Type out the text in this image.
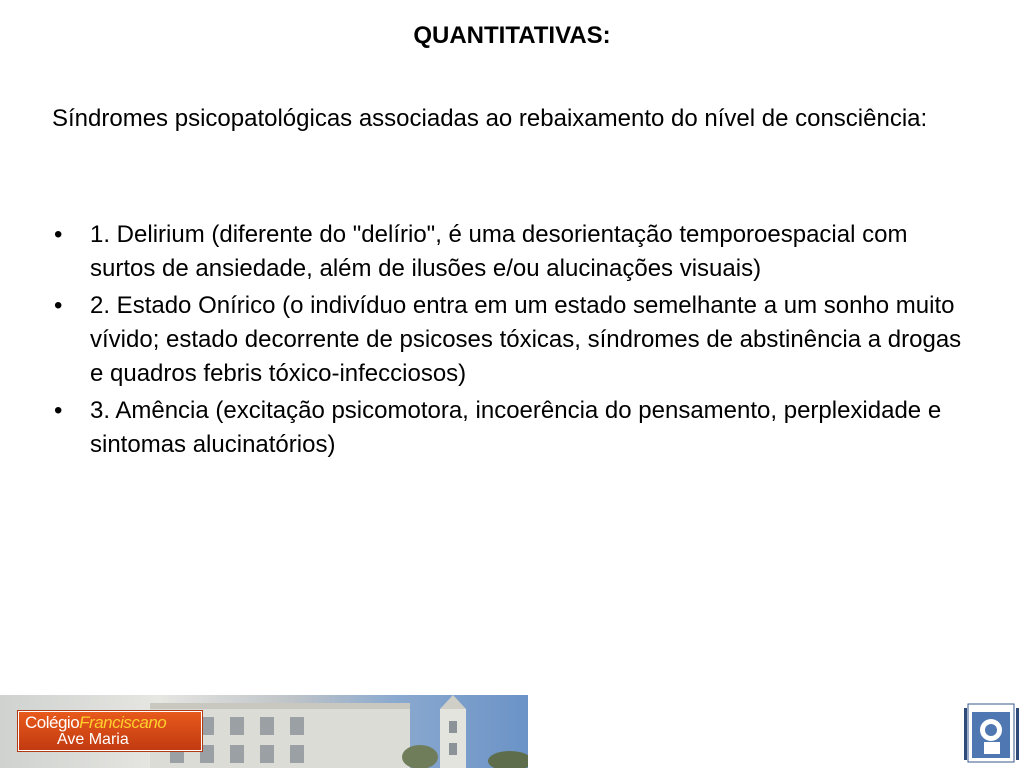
QUANTITATIVAS:
Síndromes psicopatológicas associadas ao rebaixamento do nível de consciência:
• 1. Delirium (diferente do "delírio", é uma desorientação temporoespacial com surtos de ansiedade, além de ilusões e/ou alucinações visuais)
• 2. Estado Onírico (o indivíduo entra em um estado semelhante a um sonho muito vívido; estado decorrente de psicoses tóxicas, síndromes de abstinência a drogas e quadros febris tóxico-infecciosos)
• 3. Amência (excitação psicomotora, incoerência do pensamento, perplexidade e sintomas alucinatórios)
ColégioFranciscano
Ave Maria
